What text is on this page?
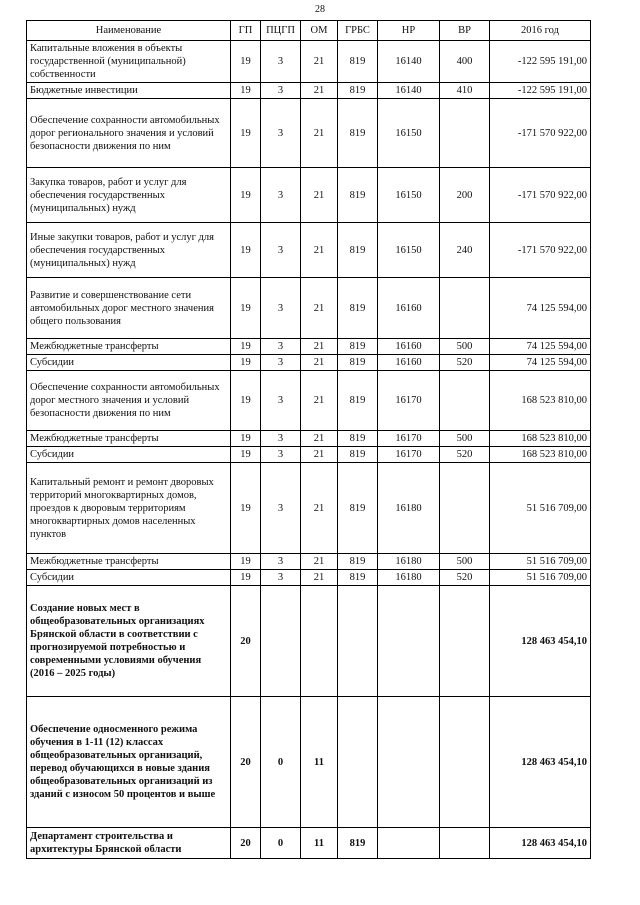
28
Наименование	ГП	ПЦГП	ОМ	ГРБС	НР	ВР	2016 год
Капитальные вложения в объекты государственной (муниципальной) собственности	19	3	21	819	16140	400	-122 595 191,00
Бюджетные инвестиции	19	3	21	819	16140	410	-122 595 191,00
Обеспечение сохранности автомобильных дорог регионального значения и условий безопасности движения по ним	19	3	21	819	16150		-171 570 922,00
Закупка товаров, работ и услуг для обеспечения государственных (муниципальных) нужд	19	3	21	819	16150	200	-171 570 922,00
Иные закупки товаров, работ и услуг для обеспечения государственных (муниципальных) нужд	19	3	21	819	16150	240	-171 570 922,00
Развитие и совершенствование сети автомобильных дорог местного значения общего пользования	19	3	21	819	16160		74 125 594,00
Межбюджетные трансферты	19	3	21	819	16160	500	74 125 594,00
Субсидии	19	3	21	819	16160	520	74 125 594,00
Обеспечение сохранности автомобильных дорог местного значения и условий безопасности движения по ним	19	3	21	819	16170		168 523 810,00
Межбюджетные трансферты	19	3	21	819	16170	500	168 523 810,00
Субсидии	19	3	21	819	16170	520	168 523 810,00
Капитальный ремонт и ремонт дворовых территорий многоквартирных домов, проездов к дворовым территориям многоквартирных домов населенных пунктов	19	3	21	819	16180		51 516 709,00
Межбюджетные трансферты	19	3	21	819	16180	500	51 516 709,00
Субсидии	19	3	21	819	16180	520	51 516 709,00
Создание новых мест в общеобразовательных организациях Брянской области в соответствии с прогнозируемой потребностью и современными условиями обучения (2016 – 2025 годы)	20						128 463 454,10
Обеспечение односменного режима обучения в 1-11 (12) классах общеобразовательных организаций, перевод обучающихся в новые здания общеобразовательных организаций из зданий с износом 50 процентов и выше	20	0	11				128 463 454,10
Департамент строительства и архитектуры Брянской области	20	0	11	819			128 463 454,10
